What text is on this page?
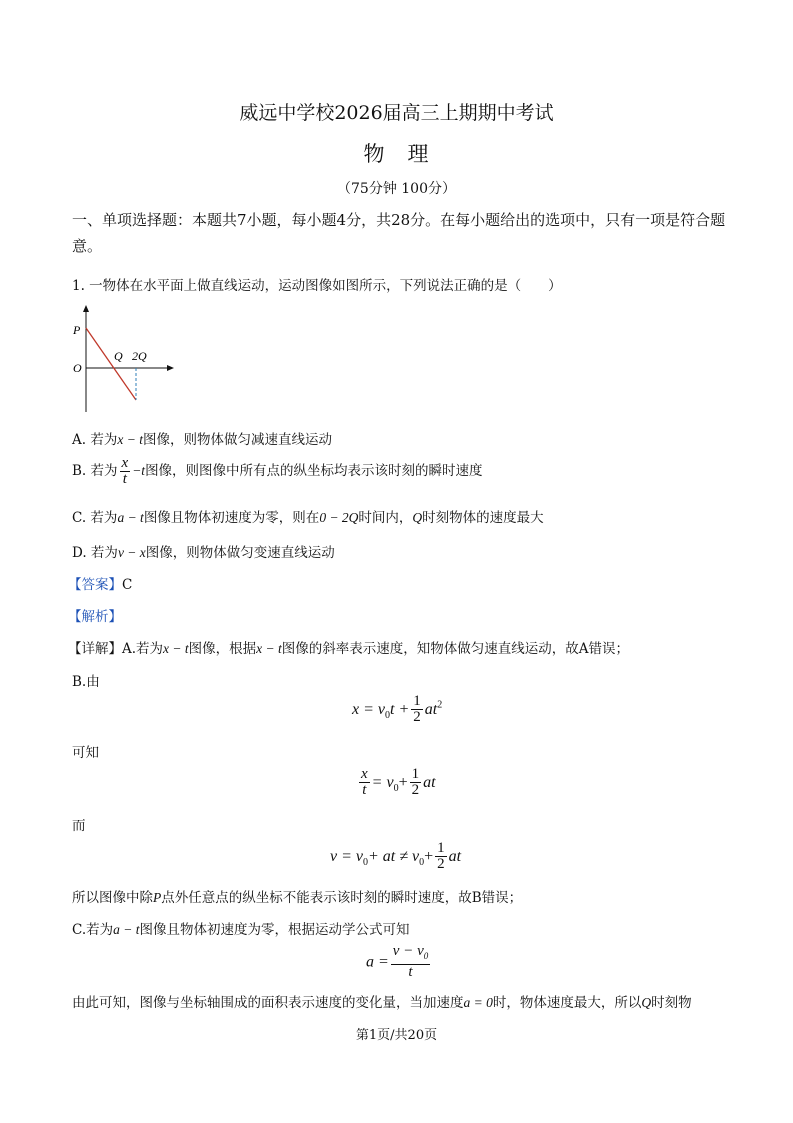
威远中学校2026届高三上期期中考试
物　理
（75分钟 100分）
一、单项选择题：本题共7小题，每小题4分，共28分。在每小题给出的选项中，只有一项是符合题意。
1. 一物体在水平面上做直线运动，运动图像如图所示，下列说法正确的是（　　）
P
O
Q 2Q
A. 若为x − t图像，则物体做匀减速直线运动
B. 若为 $\frac{x}{t} -t$图像，则图像中所有点的纵坐标均表示该时刻的瞬时速度
C. 若为a − t图像且物体初速度为零，则在0 − 2Q时间内，Q时刻物体的速度最大
D. 若为v − x图像，则物体做匀变速直线运动
【答案】C
【解析】
【详解】A.若为x − t图像，根据x − t图像的斜率表示速度，知物体做匀速直线运动，故A错误；
B.由
$x = v_0t + \frac{1}{2} at^2$
可知
$\frac{x}{t} = v_0+ \frac{1}{2}$ at
而
$v = v_0+$ at ≠ $v_0+ \frac{1}{2}$ at
所以图像中除P点外任意点的纵坐标不能表示该时刻的瞬时速度，故B错误；
C.若为a − t图像且物体初速度为零，根据运动学公式可知
$a = \frac{v - v_0}{t}$
由此可知，图像与坐标轴围成的面积表示速度的变化量，当加速度a = 0时，物体速度最大，所以Q时刻物
第1页/共20页
